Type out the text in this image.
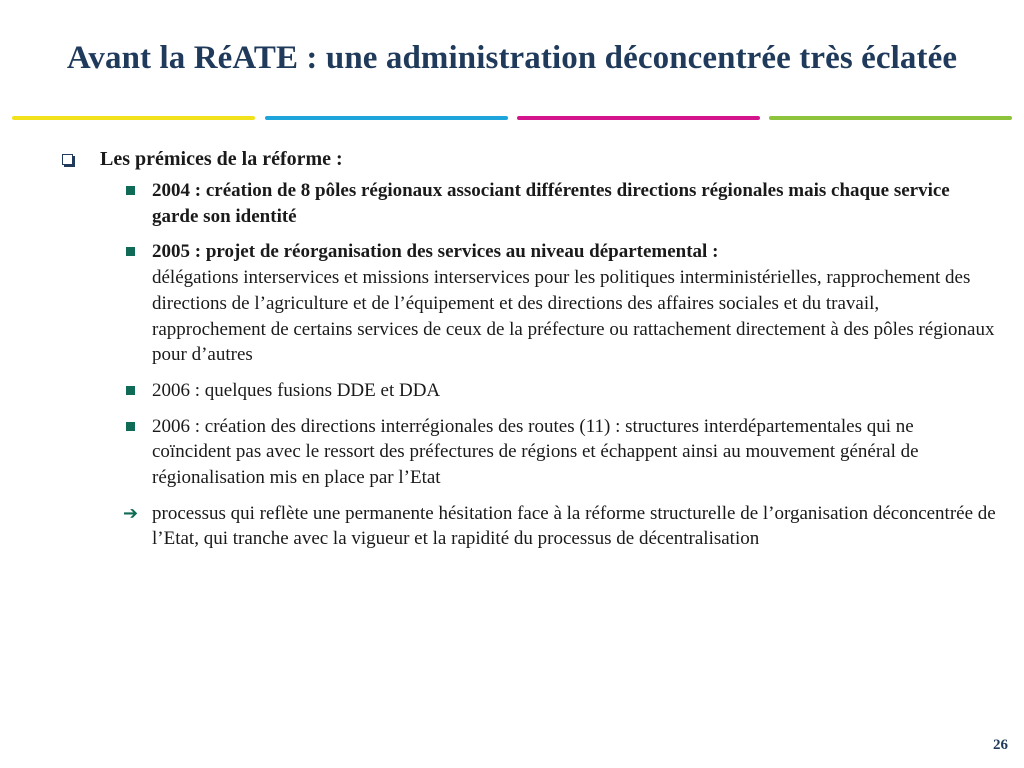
Avant la RéATE : une administration déconcentrée très éclatée
Les prémices de la réforme :
2004 : création de 8 pôles régionaux associant différentes directions régionales mais chaque service garde son identité
2005 : projet de réorganisation des services au niveau départemental :
délégations interservices et missions interservices pour les politiques interministérielles, rapprochement des directions de l’agriculture et de l’équipement et des directions des affaires sociales et du travail, rapprochement de certains services de ceux de la préfecture ou rattachement directement à des pôles régionaux pour d’autres
2006 : quelques fusions DDE et DDA
2006 : création des directions interrégionales des routes (11) : structures interdépartementales qui ne coïncident pas avec le ressort des préfectures de régions et échappent ainsi au mouvement général de régionalisation mis en place par l’Etat
➔ processus qui reflète une permanente hésitation face à la réforme structurelle de l’organisation déconcentrée de l’Etat, qui tranche avec la vigueur et la rapidité du processus de décentralisation
26
